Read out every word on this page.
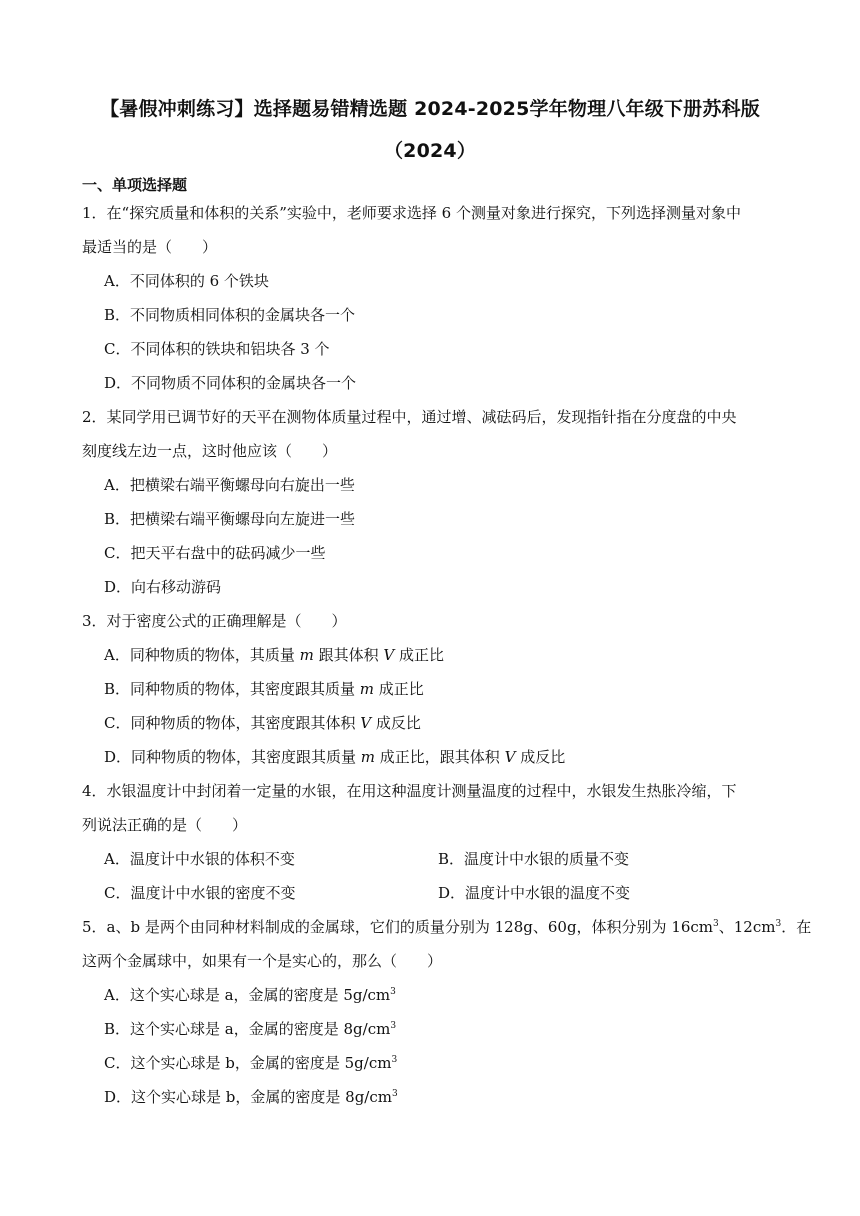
【暑假冲刺练习】选择题易错精选题 2024-2025学年物理八年级下册苏科版
（2024）
一、单项选择题
1．在“探究质量和体积的关系”实验中，老师要求选择 6 个测量对象进行探究，下列选择测量对象中
最适当的是（　　）
A．不同体积的 6 个铁块
B．不同物质相同体积的金属块各一个
C．不同体积的铁块和铝块各 3 个
D．不同物质不同体积的金属块各一个
2．某同学用已调节好的天平在测物体质量过程中，通过增、减砝码后，发现指针指在分度盘的中央
刻度线左边一点，这时他应该（　　）
A．把横梁右端平衡螺母向右旋出一些
B．把横梁右端平衡螺母向左旋进一些
C．把天平右盘中的砝码减少一些
D．向右移动游码
3．对于密度公式的正确理解是（　　）
A．同种物质的物体，其质量 m 跟其体积 V 成正比
B．同种物质的物体，其密度跟其质量 m 成正比
C．同种物质的物体，其密度跟其体积 V 成反比
D．同种物质的物体，其密度跟其质量 m 成正比，跟其体积 V 成反比
4．水银温度计中封闭着一定量的水银，在用这种温度计测量温度的过程中，水银发生热胀冷缩，下
列说法正确的是（　　）
A．温度计中水银的体积不变	B．温度计中水银的质量不变
C．温度计中水银的密度不变	D．温度计中水银的温度不变
5．a、b 是两个由同种材料制成的金属球，它们的质量分别为 128g、60g，体积分别为 $16cm^3$、$12cm^3$．在
这两个金属球中，如果有一个是实心的，那么（　　）
A．这个实心球是 a，金属的密度是 $5g/cm^3$
B．这个实心球是 a，金属的密度是 $8g/cm^3$
C．这个实心球是 b，金属的密度是 $5g/cm^3$
D．这个实心球是 b，金属的密度是 $8g/cm^3$
